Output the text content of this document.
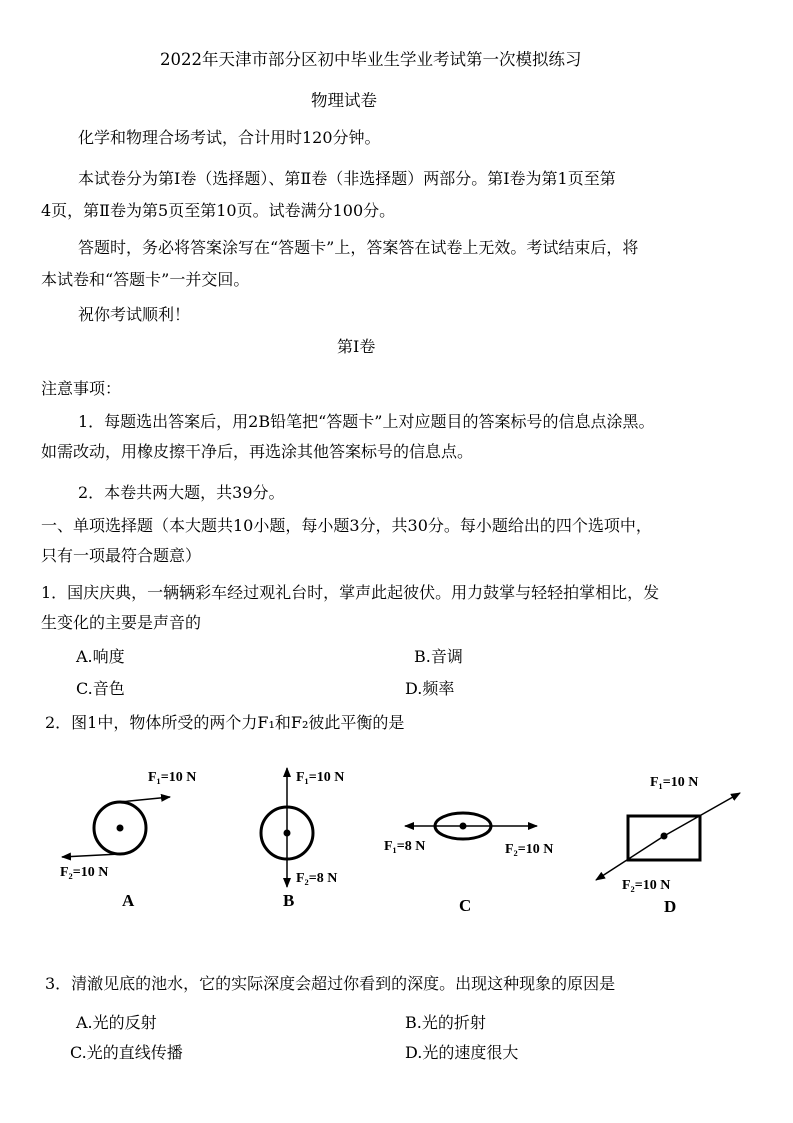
2022年天津市部分区初中毕业生学业考试第一次模拟练习
物理试卷
化学和物理合场考试，合计用时120分钟。
本试卷分为第Ⅰ卷（选择题）、第Ⅱ卷（非选择题）两部分。第Ⅰ卷为第1页至第
4页，第Ⅱ卷为第5页至第10页。试卷满分100分。
答题时，务必将答案涂写在“答题卡”上，答案答在试卷上无效。考试结束后，将
本试卷和“答题卡”一并交回。
祝你考试顺利！
第Ⅰ卷
注意事项：
1．每题选出答案后，用2B铅笔把“答题卡”上对应题目的答案标号的信息点涂黑。
如需改动，用橡皮擦干净后，再选涂其他答案标号的信息点。
2．本卷共两大题，共39分。
一、单项选择题（本大题共10小题，每小题3分，共30分。每小题给出的四个选项中，
只有一项最符合题意）
1．国庆庆典，一辆辆彩车经过观礼台时，掌声此起彼伏。用力鼓掌与轻轻拍掌相比，发
生变化的主要是声音的
A.响度	B.音调
C.音色	D.频率
2．图1中，物体所受的两个力F₁和F₂彼此平衡的是
F₁=10 N
F₂=10 N
A
F₁=10 N
F₂=8 N
B
F₁=8 N	F₂=10 N
C
F₁=10 N
F₂=10 N
D
3．清澈见底的池水，它的实际深度会超过你看到的深度。出现这种现象的原因是
A.光的反射	B.光的折射
C.光的直线传播	D.光的速度很大
